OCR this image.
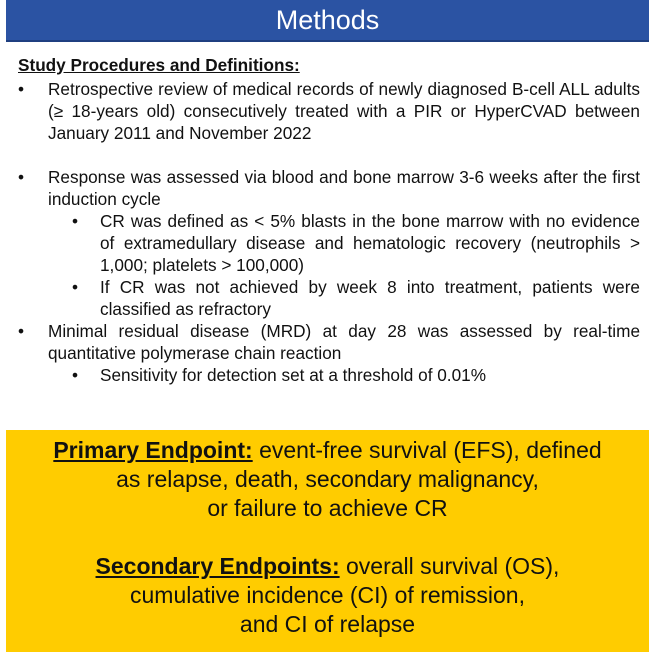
Methods
Study Procedures and Definitions:
• Retrospective review of medical records of newly diagnosed B-cell ALL adults (≥ 18-years old) consecutively treated with a PIR or HyperCVAD between January 2011 and November 2022
• Response was assessed via blood and bone marrow 3-6 weeks after the first induction cycle
• CR was defined as < 5% blasts in the bone marrow with no evidence of extramedullary disease and hematologic recovery (neutrophils > 1,000; platelets > 100,000)
• If CR was not achieved by week 8 into treatment, patients were classified as refractory
• Minimal residual disease (MRD) at day 28 was assessed by real-time quantitative polymerase chain reaction
• Sensitivity for detection set at a threshold of 0.01%
Primary Endpoint: event-free survival (EFS), defined
as relapse, death, secondary malignancy,
or failure to achieve CR
Secondary Endpoints: overall survival (OS),
cumulative incidence (CI) of remission,
and CI of relapse
